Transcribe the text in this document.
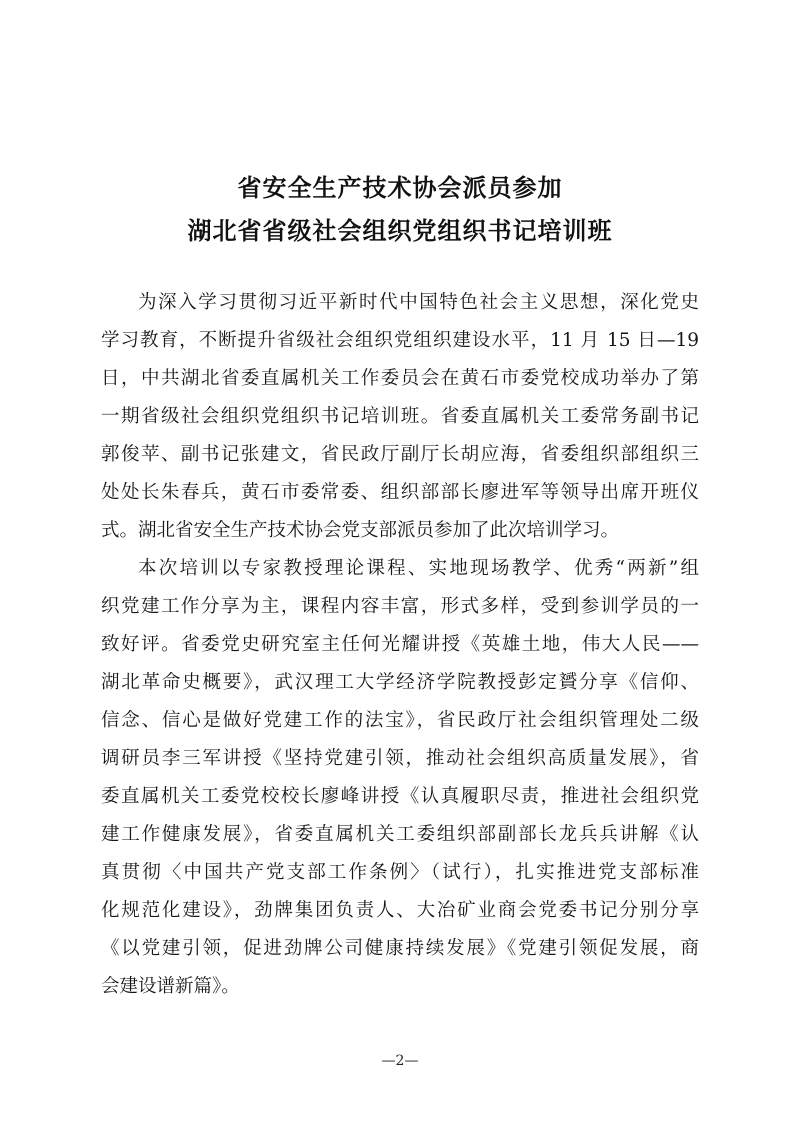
省安全生产技术协会派员参加
湖北省省级社会组织党组织书记培训班

为深入学习贯彻习近平新时代中国特色社会主义思想，深化党史

学习教育，不断提升省级社会组织党组织建设水平，11 月 15 日—19

日，中共湖北省委直属机关工作委员会在黄石市委党校成功举办了第

一期省级社会组织党组织书记培训班。省委直属机关工委常务副书记

郭俊苹、副书记张建文，省民政厅副厅长胡应海，省委组织部组织三

处处长朱春兵，黄石市委常委、组织部部长廖进军等领导出席开班仪

式。湖北省安全生产技术协会党支部派员参加了此次培训学习。

本次培训以专家教授理论课程、实地现场教学、优秀“两新”组

织党建工作分享为主，课程内容丰富，形式多样，受到参训学员的一

致好评。省委党史研究室主任何光耀讲授《英雄土地，伟大人民——

湖北革命史概要》，武汉理工大学经济学院教授彭定贇分享《信仰、

信念、信心是做好党建工作的法宝》，省民政厅社会组织管理处二级

调研员李三军讲授《坚持党建引领，推动社会组织高质量发展》，省

委直属机关工委党校校长廖峰讲授《认真履职尽责，推进社会组织党

建工作健康发展》，省委直属机关工委组织部副部长龙兵兵讲解《认

真贯彻〈中国共产党支部工作条例〉（试行），扎实推进党支部标准

化规范化建设》，劲牌集团负责人、大冶矿业商会党委书记分别分享

《以党建引领，促进劲牌公司健康持续发展》《党建引领促发展，商

会建设谱新篇》。

—2—
